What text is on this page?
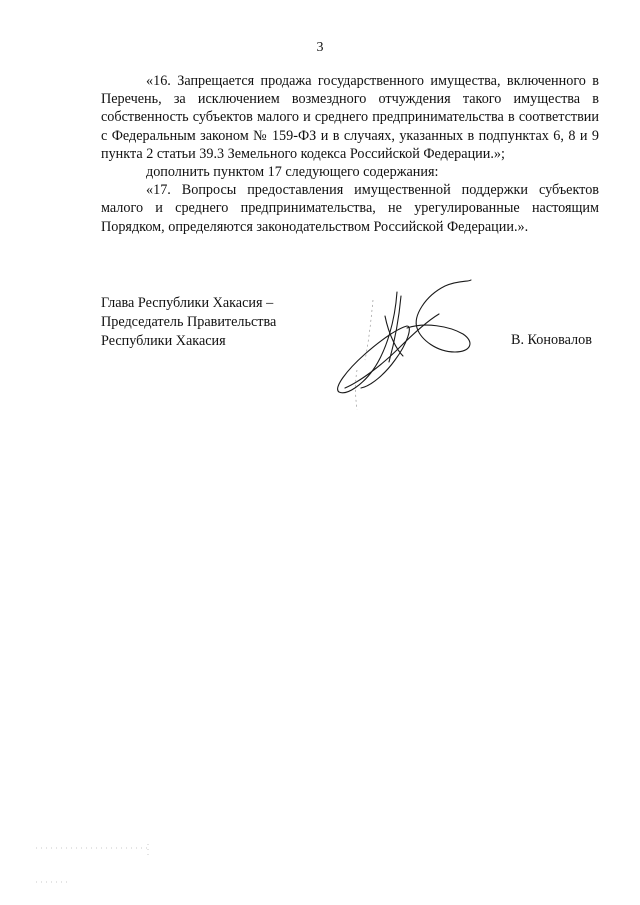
3

«16. Запрещается продажа государственного имущества, включенного в Перечень, за исключением возмездного отчуждения такого имущества в собственность субъектов малого и среднего предпринимательства в соответствии с Федеральным законом № 159-ФЗ и в случаях, указанных в подпунктах 6, 8 и 9 пункта 2 статьи 39.3 Земельного кодекса Российской Федерации.»;

дополнить пунктом 17 следующего содержания:

«17. Вопросы предоставления имущественной поддержки субъектов малого и среднего предпринимательства, не урегулированные настоящим Порядком, определяются законодательством Российской Федерации.».

Глава Республики Хакасия –
Председатель Правительства
Республики Хакасия	В. Коновалов
